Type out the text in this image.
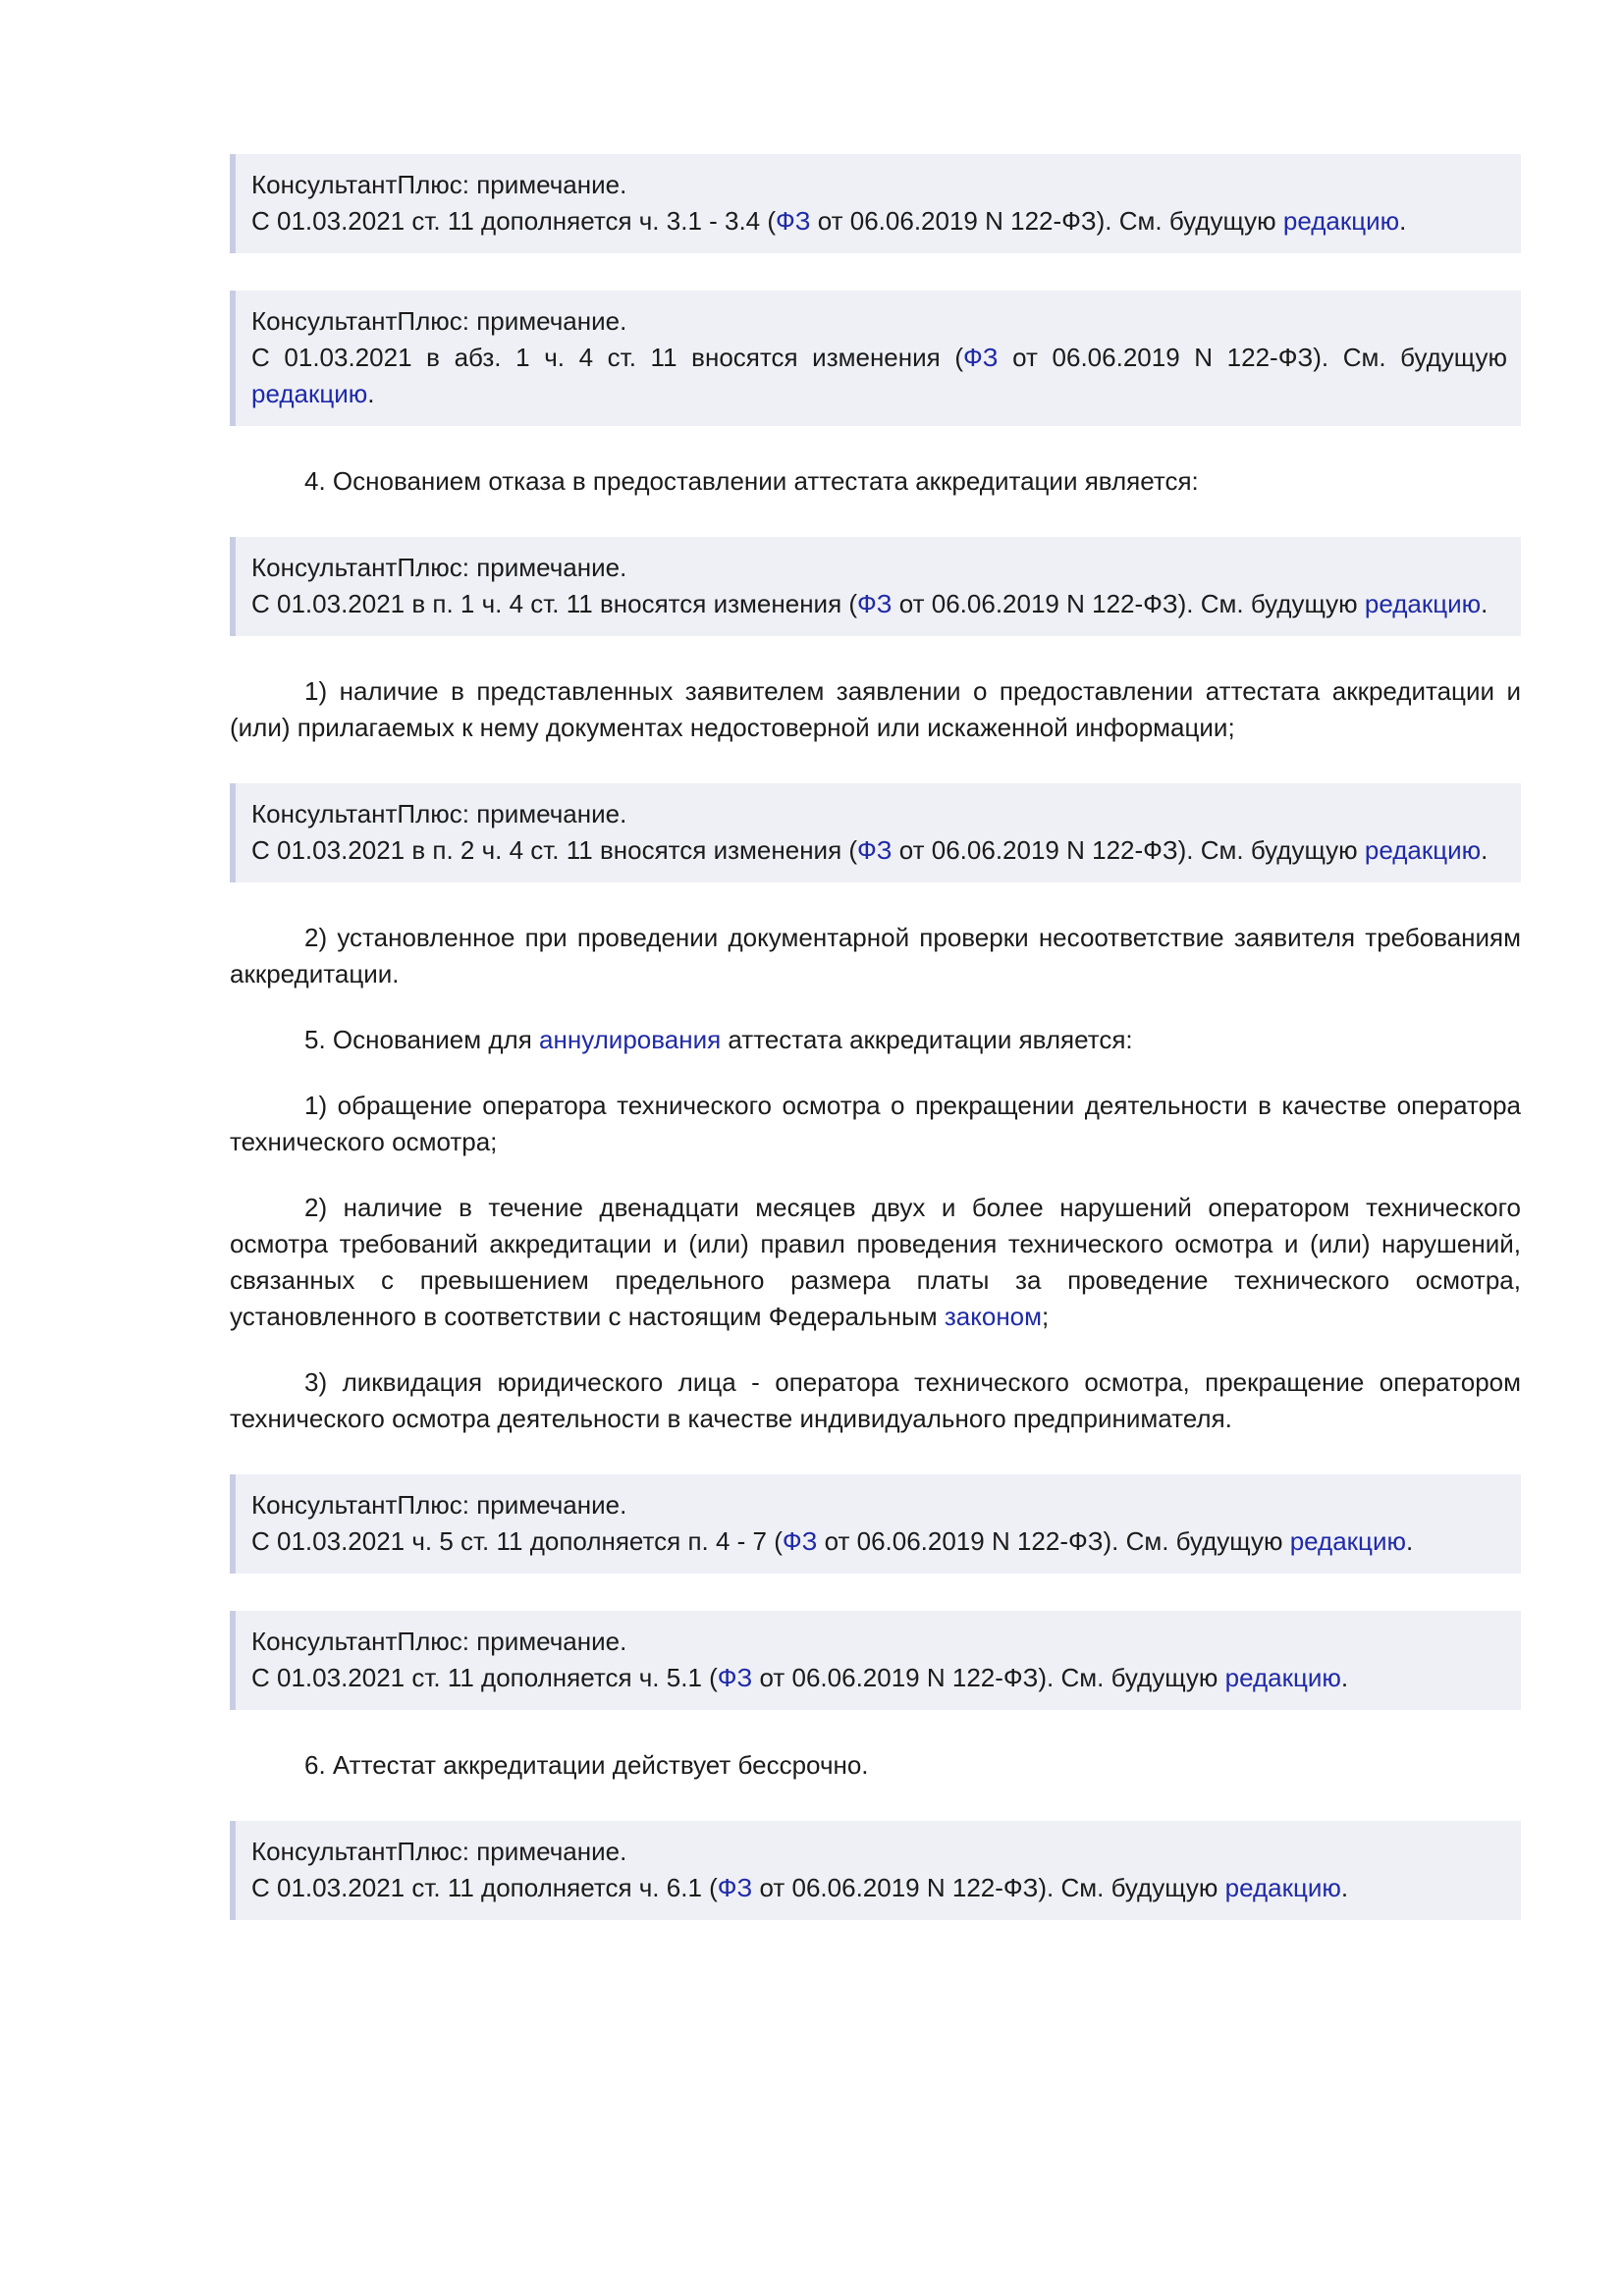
КонсультантПлюс: примечание.
С 01.03.2021 ст. 11 дополняется ч. 3.1 - 3.4 (ФЗ от 06.06.2019 N 122-ФЗ). См. будущую редакцию.
КонсультантПлюс: примечание.
С 01.03.2021 в абз. 1 ч. 4 ст. 11 вносятся изменения (ФЗ от 06.06.2019 N 122-ФЗ). См. будущую редакцию.

4. Основанием отказа в предоставлении аттестата аккредитации является:

КонсультантПлюс: примечание.
С 01.03.2021 в п. 1 ч. 4 ст. 11 вносятся изменения (ФЗ от 06.06.2019 N 122-ФЗ). См. будущую редакцию.

1) наличие в представленных заявителем заявлении о предоставлении аттестата аккредитации и (или) прилагаемых к нему документах недостоверной или искаженной информации;

КонсультантПлюс: примечание.
С 01.03.2021 в п. 2 ч. 4 ст. 11 вносятся изменения (ФЗ от 06.06.2019 N 122-ФЗ). См. будущую редакцию.

2) установленное при проведении документарной проверки несоответствие заявителя требованиям аккредитации.

5. Основанием для аннулирования аттестата аккредитации является:

1) обращение оператора технического осмотра о прекращении деятельности в качестве оператора технического осмотра;

2) наличие в течение двенадцати месяцев двух и более нарушений оператором технического осмотра требований аккредитации и (или) правил проведения технического осмотра и (или) нарушений, связанных с превышением предельного размера платы за проведение технического осмотра, установленного в соответствии с настоящим Федеральным законом;

3) ликвидация юридического лица - оператора технического осмотра, прекращение оператором технического осмотра деятельности в качестве индивидуального предпринимателя.

КонсультантПлюс: примечание.
С 01.03.2021 ч. 5 ст. 11 дополняется п. 4 - 7 (ФЗ от 06.06.2019 N 122-ФЗ). См. будущую редакцию.
КонсультантПлюс: примечание.
С 01.03.2021 ст. 11 дополняется ч. 5.1 (ФЗ от 06.06.2019 N 122-ФЗ). См. будущую редакцию.

6. Аттестат аккредитации действует бессрочно.

КонсультантПлюс: примечание.
С 01.03.2021 ст. 11 дополняется ч. 6.1 (ФЗ от 06.06.2019 N 122-ФЗ). См. будущую редакцию.
